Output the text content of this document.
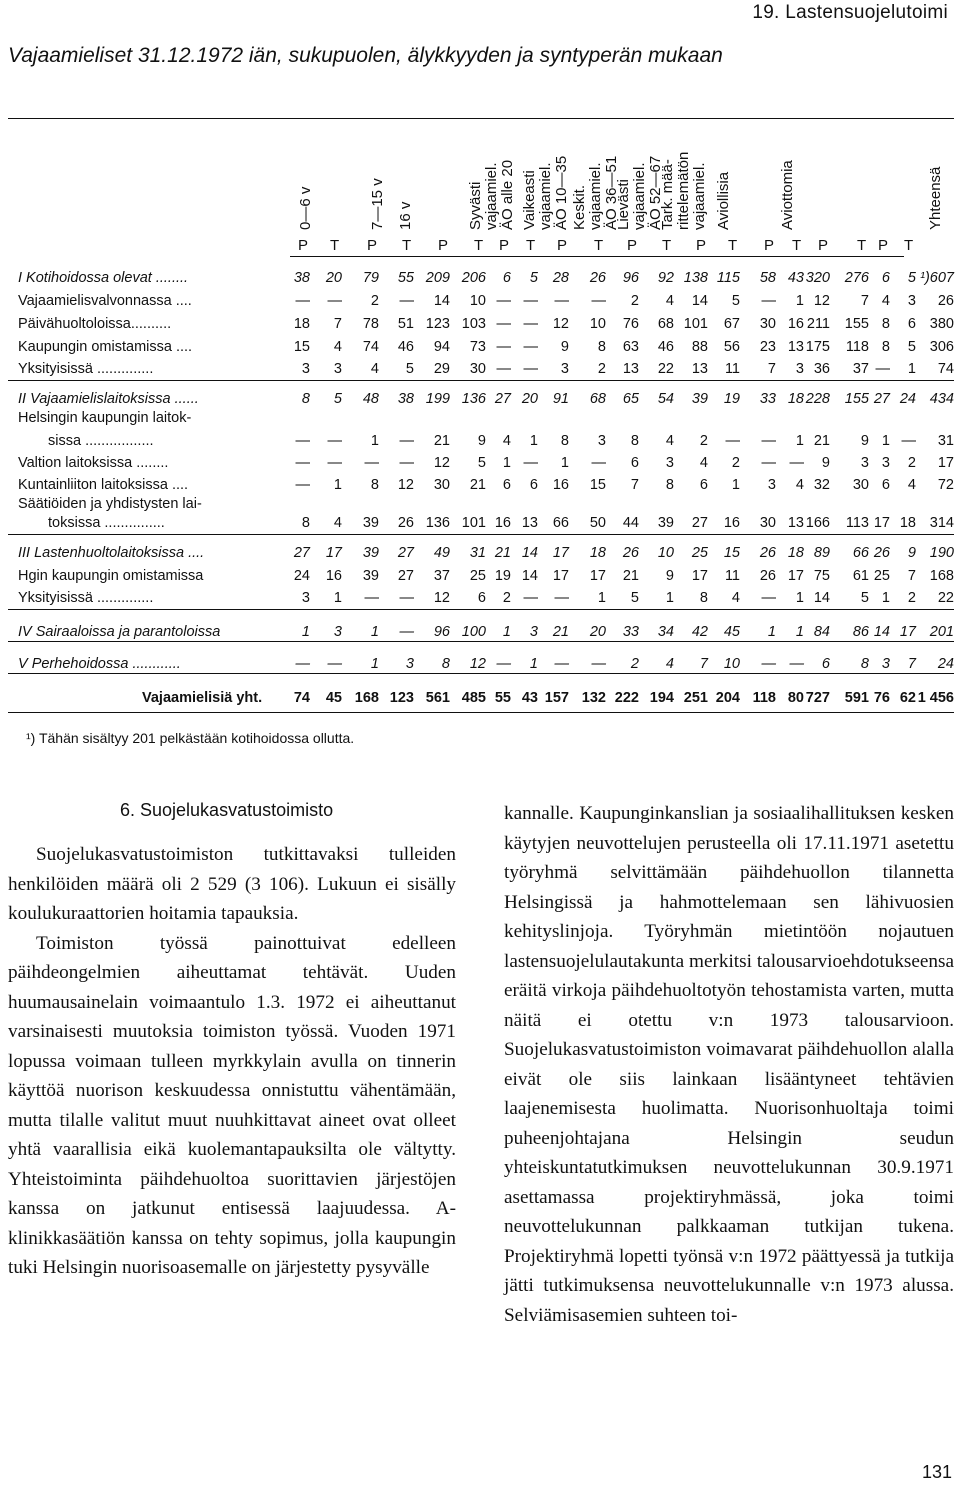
19. Lastensuojelutoimi
Vajaamieliset 31.12.1972 iän, sukupuolen, älykkyyden ja syntyperän mukaan
0—6 v	7—15 v 16 v	Syvästi
vajaamiel.
ÄO alle 20
Vaikeasti
vajaamiel.
ÄO 10—35
Keskit.
vajaamiel.
ÄO 36—51
Lievästi
vajaamiel.
ÄO 52—67
Tark. mää-
rittelemätön
vajaamiel. Aviollisia	Aviottomia	Yhteensä
P T P T P T P T P T P T P T P T P T P T
I Kotihoidossa olevat ........	38	20	79	55 209 206	6	5	28	26	96	92 138 115	58 43 320 276 6	5 ¹)607
Vajaamielisvalvonnassa ....	—	—	2	—	14	10 — —	—	—	2	4	14	5	—	1 12	7 4	3 26
Päivähuoltoloissa..........	18	7	78	51 123 103 — —	12	10	76	68 101	67	30 16 211 155 8	6 380
Kaupungin omistamissa ....	15	4	74	46	94	73 — —	9	8	63	46	88	56	23 13 175	118 8	5 306
Yksityisissä ..............	3	3	4	5	29	30 — —	3	2	13	22	13	11	7	3 36	37 —	1 74
II Vajaamielislaitoksissa ......	8	5	48	38 199 136 27 20	91	68	65	54	39	19	33 18 228 155 27 24 434
Helsingin kaupungin laitok-
sissa .................	—	—	1	—	21	9	4	1	8	3	8	4	2	—	—	1 21	9 1 — 31
Valtion laitoksissa ........	—	—	—	—	12	5	1 —	1	—	6	3	4	2	— —	9	3 3	2 17
Kuntainliiton laitoksissa ....	—	1	8	12	30	21	6	6	16	15	7	8	6	1	3	4 32	30 6	4 72
Säätiöiden ja yhdistysten lai-
toksissa ...............	8	4	39	26 136 101 16 13	66	50	44	39	27	16	30 13 166	113 17 18 314
III Lastenhuoltolaitoksissa ....	27	17	39	27	49	31 21 14	17	18	26	10	25	15	26 18 89	66 26	9 190
Hgin kaupungin omistamissa	24	16	39	27	37	25 19 14	17	17	21	9	17	11	26 17 75	61 25	7 168
Yksityisissä ..............	3	1	—	—	12	6	2 —	—	1	5	1	8	4	—	1 14	5 1	2 22
IV Sairaaloissa ja parantoloissa	1	3	1	—	96 100	1	3	21	20	33	34	42	45	1	1 84	86 14 17 201
V Perhehoidossa ............	—	—	1	3	8	12 —	1	—	—	2	4	7	10	— —	6	8 3	7 24
Vajaamielisiä yht.	74	45 168 123 561 485 55 43 157 132 222 194 251 204 118 80 727 591 76 62 1 456
¹) Tähän sisältyy 201 pelkästään kotihoidossa ollutta.
6. Suojelukasvatustoimisto

Suojelukasvatustoimiston tutkittavaksi tulleiden henkilöiden määrä oli 2 529 (3 106). Lukuun ei sisälly koulukuraattorien hoitamia tapauksia.

Toimiston työssä painottuivat edelleen päihdeongelmien aiheuttamat tehtävät. Uuden huumausainelain voimaantulo 1.3. 1972 ei aiheuttanut varsinaisesti muutoksia toimiston työssä. Vuoden 1971 lopussa voimaan tulleen myrkkylain avulla on tinnerin käyttöä nuorison keskuudessa onnistuttu vähentämään, mutta tilalle valitut muut nuuhkittavat aineet ovat olleet yhtä vaarallisia eikä kuolemantapauksilta ole vältytty. Yhteistoiminta päihdehuoltoa suorittavien järjestöjen kanssa on jatkunut entisessä laajuudessa. A-klinikkasäätiön kanssa on tehty sopimus, jolla kaupungin tuki Helsingin nuorisoasemalle on järjestetty pysyvälle

kannalle. Kaupunginkanslian ja sosiaalihallituksen kesken käytyjen neuvottelujen perusteella oli 17.11.1971 asetettu työryhmä selvittämään päihdehuollon tilannetta Helsingissä ja hahmottelemaan sen lähivuosien kehityslinjoja. Työryhmän mietintöön nojautuen lastensuojelulautakunta merkitsi talousarvioehdotukseensa eräitä virkoja päihdehuoltotyön tehostamista varten, mutta näitä ei otettu v:n 1973 talousarvioon. Suojelukasvatustoimiston voimavarat päihdehuollon alalla eivät ole siis lainkaan lisääntyneet tehtävien laajenemisesta huolimatta. Nuorisonhuoltaja toimi puheenjohtajana Helsingin seudun yhteiskuntatutkimuksen neuvottelukunnan 30.9.1971 asettamassa projektiryhmässä, joka toimi neuvottelukunnan palkkaaman tutkijan tukena. Projektiryhmä lopetti työnsä v:n 1972 päättyessä ja tutkija jätti tutkimuksensa neuvottelukunnalle v:n 1973 alussa. Selviämisasemien suhteen toi-

131
